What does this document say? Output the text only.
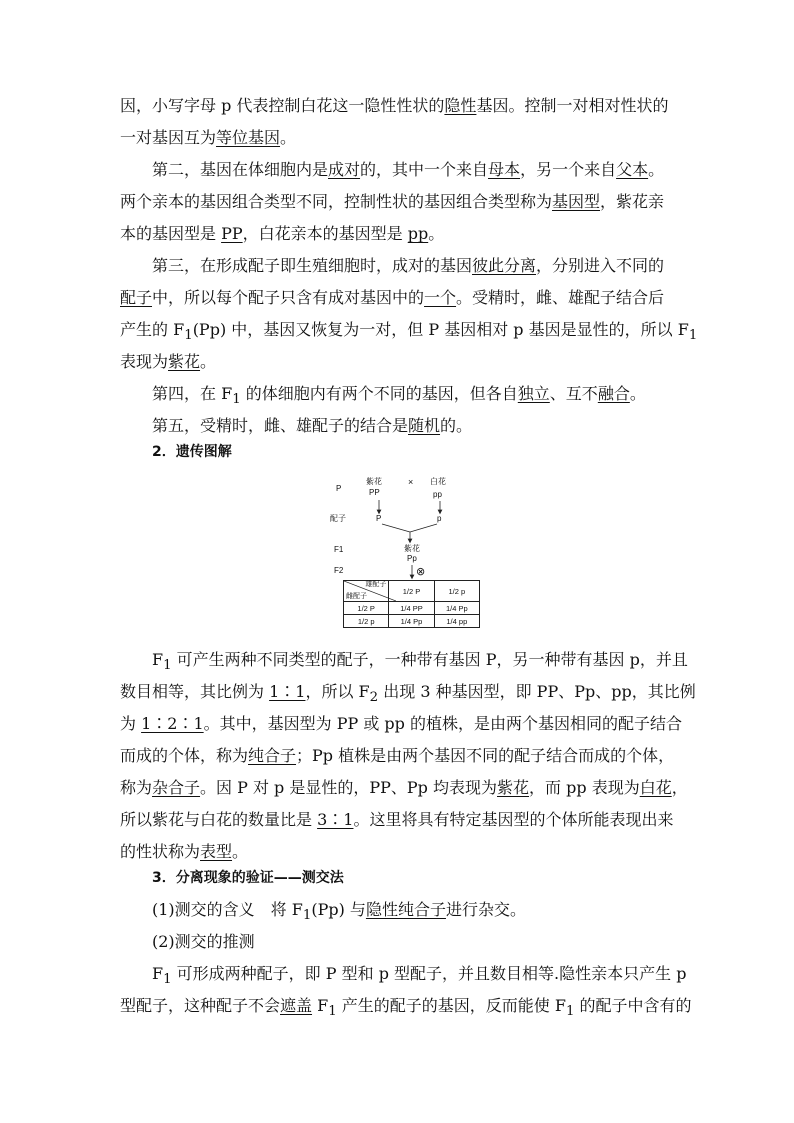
因，小写字母 p 代表控制白花这一隐性性状的隐性基因。控制一对相对性状的
一对基因互为等位基因。
第二，基因在体细胞内是成对的，其中一个来自母本，另一个来自父本。
两个亲本的基因组合类型不同，控制性状的基因组合类型称为基因型，紫花亲
本的基因型是 PP，白花亲本的基因型是 pp。
第三，在形成配子即生殖细胞时，成对的基因彼此分离，分别进入不同的
配子中，所以每个配子只含有成对基因中的一个。受精时，雌、雄配子结合后
产生的 $F_1(Pp)$ 中，基因又恢复为一对，但 P 基因相对 p 基因是显性的，所以 $F_1$
表现为紫花。
第四，在 $F_1$ 的体细胞内有两个不同的基因，但各自独立、互不融合。
第五，受精时，雌、雄配子的结合是随机的。
2．遗传图解
P
紫花
PP
× 白花
pp
配子	P	p
F1	紫花
Pp
F2	⊗
雄配子
雌配子	1/2 P	1/2 p
1/2 P	1/4 PP	1/4 Pp
1/2 p	1/4 Pp	1/4 pp
$F_1$ 可产生两种不同类型的配子，一种带有基因 P，另一种带有基因 p，并且
数目相等，其比例为 1∶1，所以 $F_2$ 出现 3 种基因型，即 PP、Pp、pp，其比例
为 1∶2∶1。其中，基因型为 PP 或 pp 的植株，是由两个基因相同的配子结合
而成的个体，称为纯合子；Pp 植株是由两个基因不同的配子结合而成的个体，
称为杂合子。因 P 对 p 是显性的，PP、Pp 均表现为紫花，而 pp 表现为白花，
所以紫花与白花的数量比是 3∶1。这里将具有特定基因型的个体所能表现出来
的性状称为表型。
3．分离现象的验证——测交法
(1)测交的含义　将 $F_1(Pp)$ 与隐性纯合子进行杂交。
(2)测交的推测
$F_1$ 可形成两种配子，即 P 型和 p 型配子，并且数目相等.隐性亲本只产生 p
型配子，这种配子不会遮盖 $F_1$ 产生的配子的基因，反而能使 $F_1$ 的配子中含有的
